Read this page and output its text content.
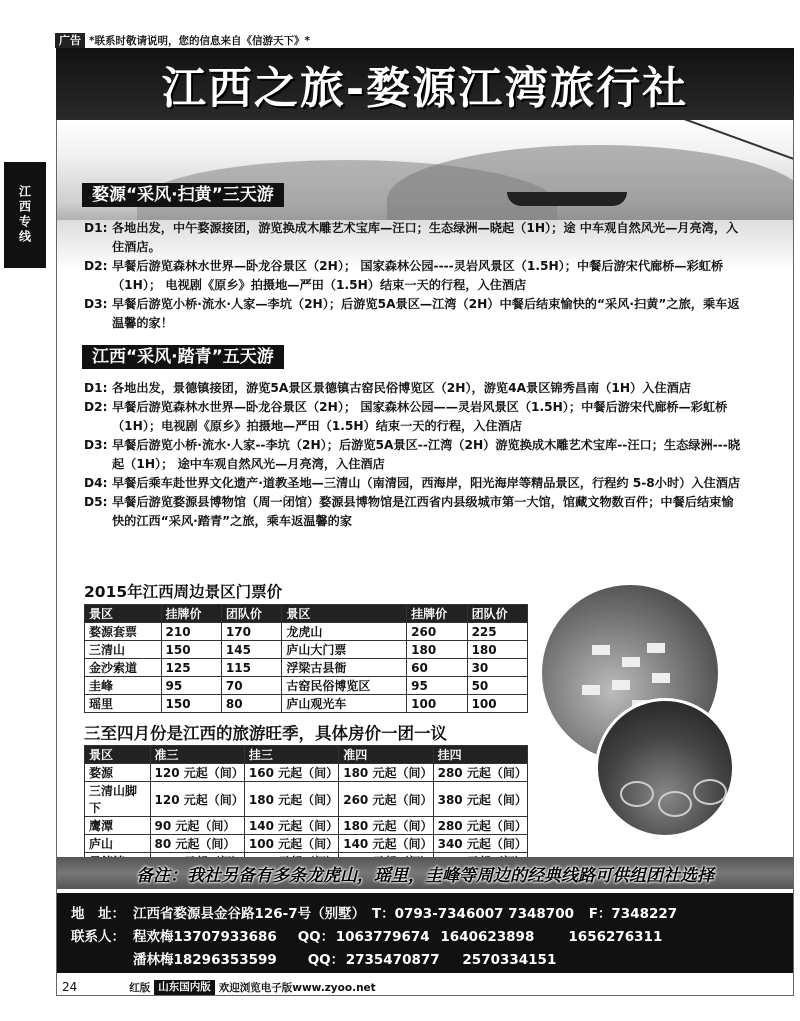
广告 *联系时敬请说明，您的信息来自《信游天下》*
江西专线
江西之旅-婺源江湾旅行社
婺源“采风·扫黄”三天游
D1: 各地出发，中午婺源接团，游览换成木雕艺术宝库—汪口；生态绿洲—晓起（1H）；途 中车观自然风光—月亮湾，入住酒店。
D2: 早餐后游览森林水世界—卧龙谷景区（2H）； 国家森林公园----灵岩风景区（1.5H）；中餐后游宋代廊桥—彩虹桥（1H）； 电视剧《原乡》拍摄地—严田（1.5H）结束一天的行程，入住酒店
D3: 早餐后游览小桥·流水·人家—李坑（2H）；后游览5A景区—江湾（2H）中餐后结束愉快的“采风·扫黄”之旅，乘车返温馨的家！
江西“采风·踏青”五天游
D1: 各地出发，景德镇接团，游览5A景区景德镇古窑民俗博览区（2H），游览4A景区锦秀昌南（1H）入住酒店
D2: 早餐后游览森林水世界—卧龙谷景区（2H）； 国家森林公园——灵岩风景区（1.5H）；中餐后游宋代廊桥—彩虹桥（1H）；电视剧《原乡》拍摄地—严田（1.5H）结束一天的行程，入住酒店
D3: 早餐后游览小桥·流水·人家--李坑（2H）；后游览5A景区--江湾（2H）游览换成木雕艺术宝库--汪口；生态绿洲---晓起（1H）； 途中车观自然风光—月亮湾，入住酒店
D4: 早餐后乘车赴世界文化遗产·道教圣地—三清山（南清园，西海岸，阳光海岸等精品景区，行程约 5-8小时）入住酒店
D5: 早餐后游览婺源县博物馆（周一闭馆）婺源县博物馆是江西省内县级城市第一大馆，馆藏文物数百件；中餐后结束愉快的江西“采风·踏青”之旅，乘车返温馨的家
2015年江西周边景区门票价
景区	挂牌价	团队价	景区	挂牌价	团队价
婺源套票	210	170	龙虎山	260	225
三清山	150	145	庐山大门票	180	180
金沙索道	125	115	浮梁古县衙	60	30
圭峰	95	70	古窑民俗博览区	95	50
瑶里	150	80	庐山观光车	100	100
三至四月份是江西的旅游旺季，具体房价一团一议
景区	准三	挂三	准四	挂四
婺源	120 元起（间）	160 元起（间）	180 元起（间）	280 元起（间）
三清山脚下	120 元起（间）	180 元起（间）	260 元起（间）	380 元起（间）
鹰潭	90 元起（间）	140 元起（间）	180 元起（间）	280 元起（间）
庐山	80 元起（间）	100 元起（间）	140 元起（间）	340 元起（间）

备注：我社另备有多条龙虎山，瑶里，圭峰等周边的经典线路可供组团社选择
地　址： 江西省婺源县金谷路126-7号（别墅） T：0793-7346007 7348700 F：7348227
联系人： 程欢梅13707933686 QQ： 1063779674 1640623898	1656276311
潘林梅18296353599 QQ： 2735470877 2570334151
24	红版 山东国内版 欢迎浏览电子版www.zyoo.net
